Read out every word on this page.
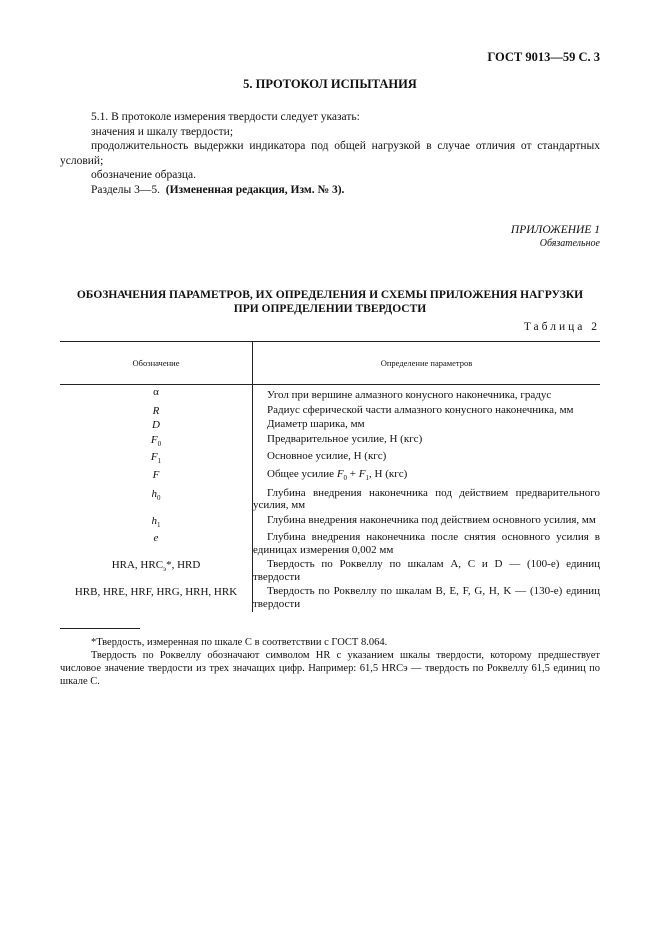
ГОСТ 9013—59 С. 3
5. ПРОТОКОЛ ИСПЫТАНИЯ

5.1. В протоколе измерения твердости следует указать:

значения и шкалу твердости;

продолжительность выдержки индикатора под общей нагрузкой в случае отличия от стандартных условий;

обозначение образца.

Разделы 3—5. (Измененная редакция, Изм. № 3).

ПРИЛОЖЕНИЕ 1
Обязательное
ОБОЗНАЧЕНИЯ ПАРАМЕТРОВ, ИХ ОПРЕДЕЛЕНИЯ И СХЕМЫ ПРИЛОЖЕНИЯ НАГРУЗКИ
ПРИ ОПРЕДЕЛЕНИИ ТВЕРДОСТИ
Таблица 2
Обозначение	Определение параметров
α	Угол при вершине алмазного конусного наконечника, градус
R	Радиус сферической части алмазного конусного наконечника, мм
D	Диаметр шарика, мм
$F_0$	Предварительное усилие, Н (кгс)
$F_1$	Основное усилие, Н (кгс)
F	Общее усилие $F_0 + F_1$, Н (кгс)
$h_0$	Глубина внедрения наконечника под действием предварительного усилия, мм

$h_1$	Глубина внедрения наконечника под действием основного усилия, мм

e	Глубина внедрения наконечника после снятия основного усилия в единицах измерения 0,002 мм

HRA, $HRC_э*$, HRD	Твердость по Роквеллу по шкалам А, С и D — (100-е) единиц твердости

HRB, HRE, HRF, HRG, HRH, HRK	Твердость по Роквеллу по шкалам В, Е, F, G, Н, K — (130-е) единиц твердости

*Твердость, измеренная по шкале С в соответствии с ГОСТ 8.064.

Твердость по Роквеллу обозначают символом HR с указанием шкалы твердости, которому предшествует числовое значение твердости из трех значащих цифр. Например: 61,5 HRCэ — твердость по Роквеллу 61,5 единиц по шкале С.
